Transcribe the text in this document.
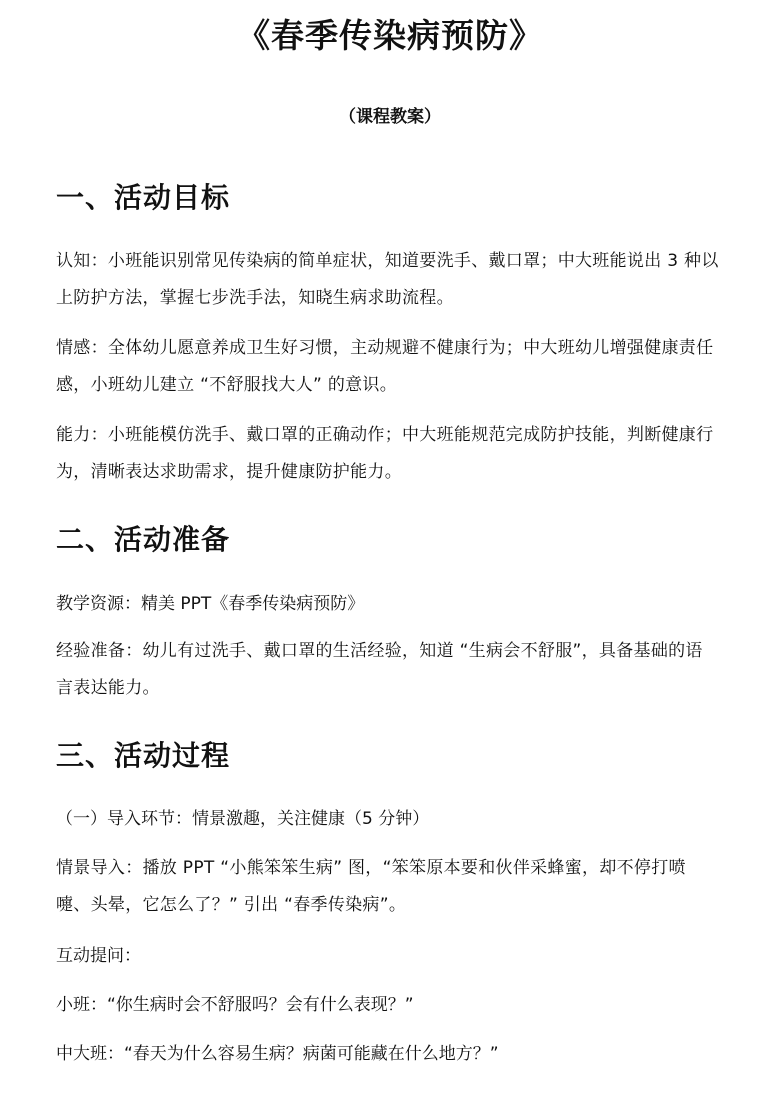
《春季传染病预防》
（课程教案）
一、活动目标

认知：小班能识别常见传染病的简单症状，知道要洗手、戴口罩；中大班能说出 3 种以上防护方法，掌握七步洗手法，知晓生病求助流程。

情感：全体幼儿愿意养成卫生好习惯，主动规避不健康行为；中大班幼儿增强健康责任感，小班幼儿建立 “不舒服找大人” 的意识。

能力：小班能模仿洗手、戴口罩的正确动作；中大班能规范完成防护技能，判断健康行为，清晰表达求助需求，提升健康防护能力。

二、活动准备

教学资源：精美 PPT《春季传染病预防》

经验准备：幼儿有过洗手、戴口罩的生活经验，知道 “生病会不舒服”，具备基础的语言表达能力。

三、活动过程

（一）导入环节：情景激趣，关注健康（5 分钟）

情景导入：播放 PPT “小熊笨笨生病” 图，“笨笨原本要和伙伴采蜂蜜，却不停打喷嚏、头晕，它怎么了？” 引出 “春季传染病”。

互动提问：

小班：“你生病时会不舒服吗？会有什么表现？”

中大班：“春天为什么容易生病？病菌可能藏在什么地方？”
